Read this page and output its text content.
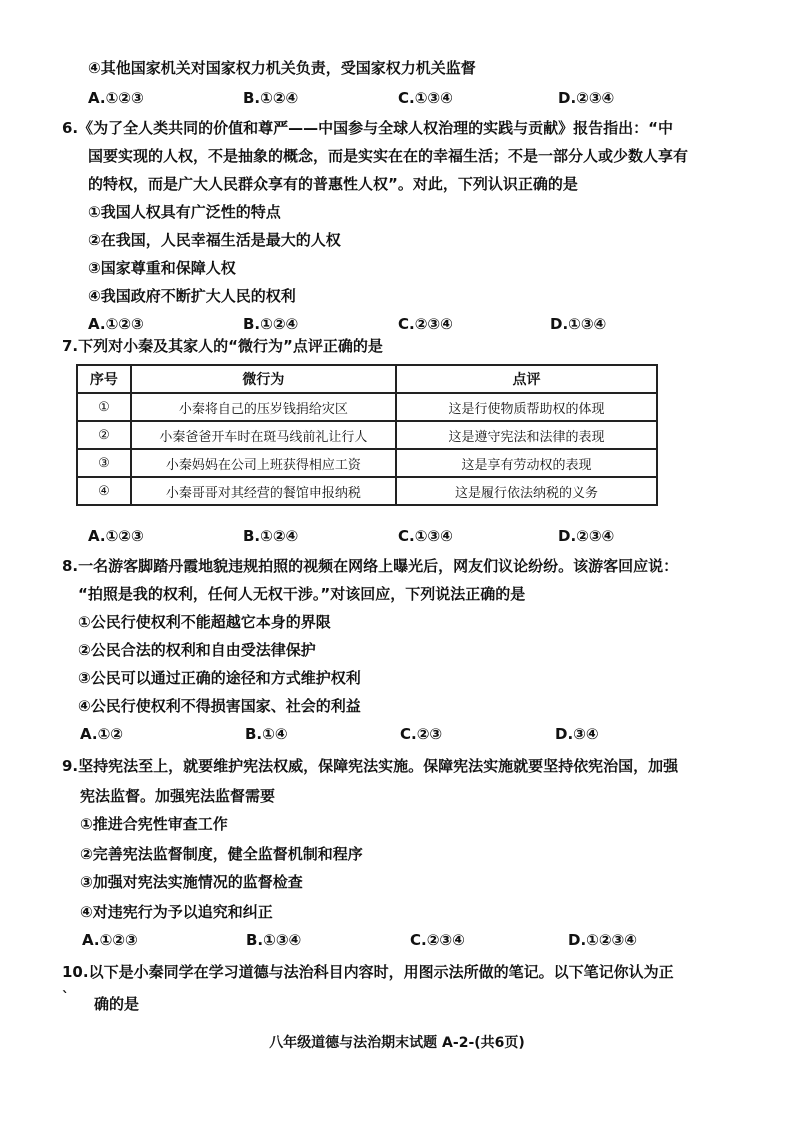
④其他国家机关对国家权力机关负责，受国家权力机关监督
A.①②③	B.①②④	C.①③④	D.②③④
6.《为了全人类共同的价值和尊严——中国参与全球人权治理的实践与贡献》报告指出：“中
国要实现的人权，不是抽象的概念，而是实实在在的幸福生活；不是一部分人或少数人享有
的特权，而是广大人民群众享有的普惠性人权”。对此，下列认识正确的是
①我国人权具有广泛性的特点
②在我国，人民幸福生活是最大的人权
③国家尊重和保障人权
④我国政府不断扩大人民的权利
A.①②③	B.①②④	C.②③④	D.①③④
7.下列对小秦及其家人的“微行为”点评正确的是
序号	微行为	点评
①	小秦将自己的压岁钱捐给灾区	这是行使物质帮助权的体现
②	小秦爸爸开车时在斑马线前礼让行人	这是遵守宪法和法律的表现
③	小秦妈妈在公司上班获得相应工资	这是享有劳动权的表现
④	小秦哥哥对其经营的餐馆申报纳税	这是履行依法纳税的义务
A.①②③	B.①②④	C.①③④	D.②③④
8.一名游客脚踏丹霞地貌违规拍照的视频在网络上曝光后，网友们议论纷纷。该游客回应说：
“拍照是我的权利，任何人无权干涉。”对该回应，下列说法正确的是
①公民行使权利不能超越它本身的界限
②公民合法的权利和自由受法律保护
③公民可以通过正确的途径和方式维护权利
④公民行使权利不得损害国家、社会的利益
A.①②	B.①④	C.②③	D.③④
9.坚持宪法至上，就要维护宪法权威，保障宪法实施。保障宪法实施就要坚持依宪治国，加强
宪法监督。加强宪法监督需要
①推进合宪性审查工作
②完善宪法监督制度，健全监督机制和程序
③加强对宪法实施情况的监督检查
④对违宪行为予以追究和纠正
A.①②③	B.①③④	C.②③④	D.①②③④
10.以下是小秦同学在学习道德与法治科目内容时，用图示法所做的笔记。以下笔记你认为正
` 确的是
八年级道德与法治期末试题 A-2-(共6页)
